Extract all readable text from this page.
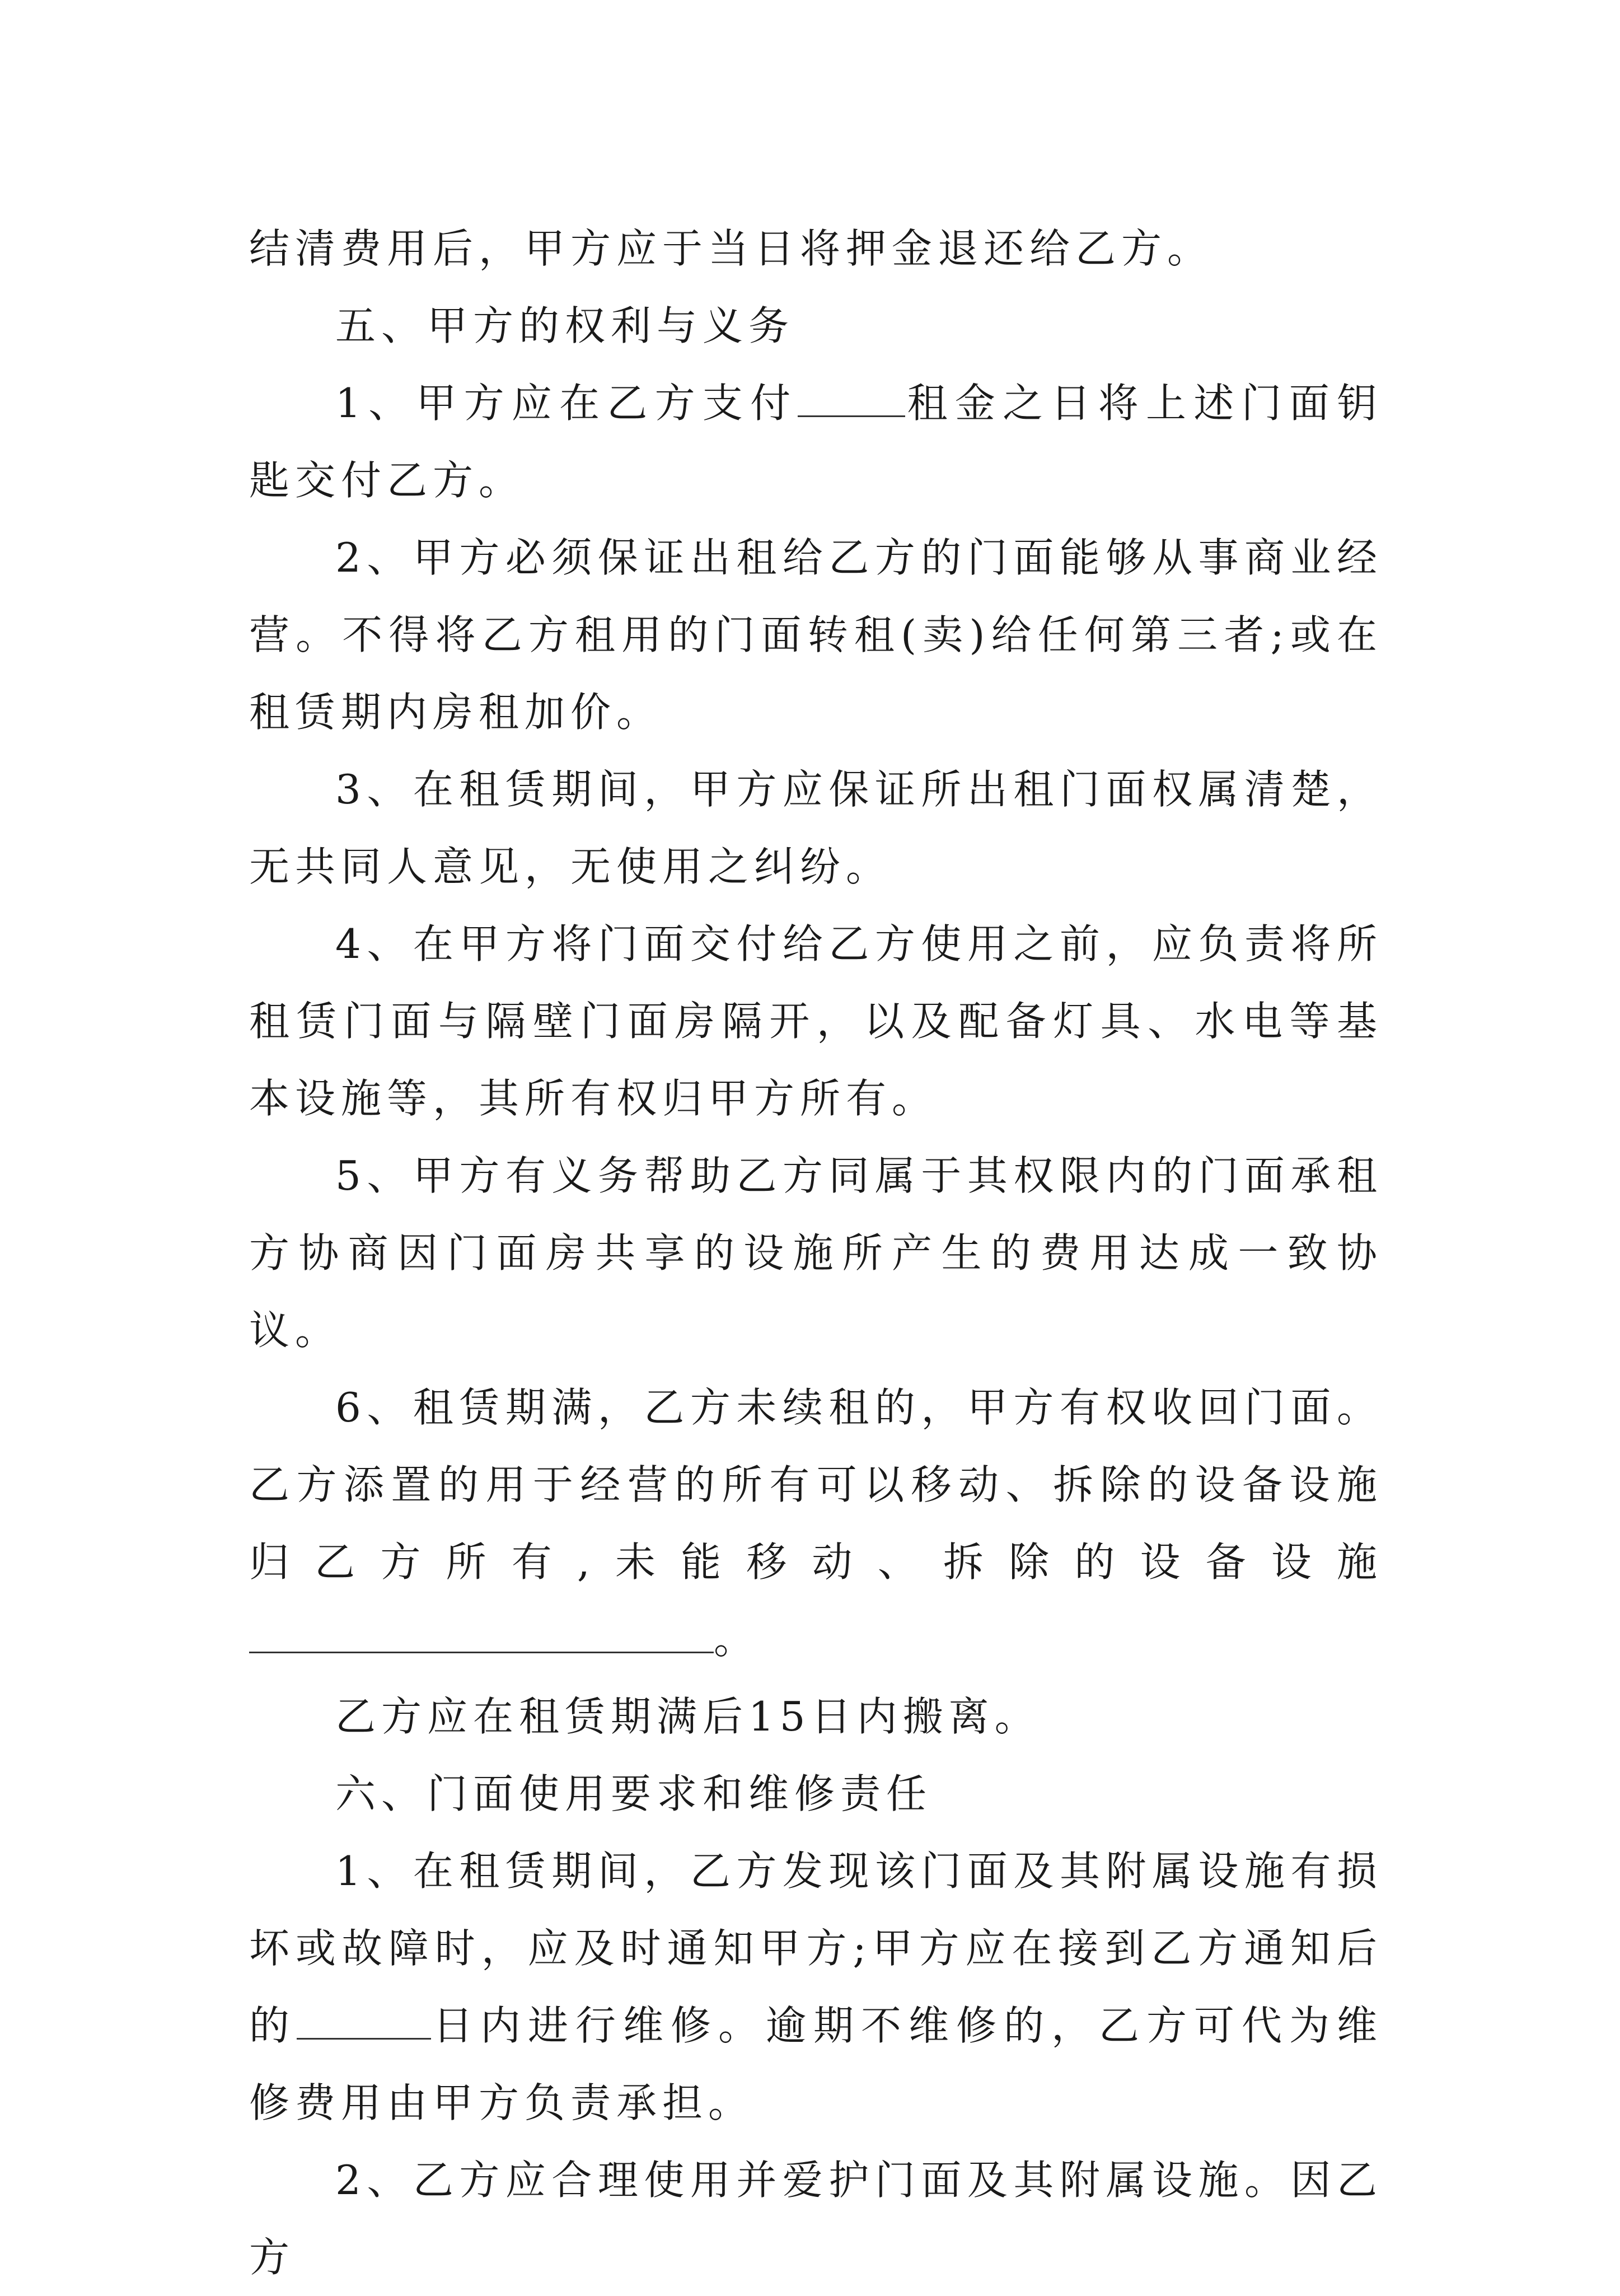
结清费用后，甲方应于当日将押金退还给乙方。

五、甲方的权利与义务

1、甲方应在乙方支付	租金之日将上述门面钥匙交付乙方。

2、甲方必须保证出租给乙方的门面能够从事商业经营。不得将乙方租用的门面转租(卖)给任何第三者;或在租赁期内房租加价。

3、在租赁期间，甲方应保证所出租门面权属清楚，无共同人意见，无使用之纠纷。

4、在甲方将门面交付给乙方使用之前，应负责将所租赁门面与隔壁门面房隔开，以及配备灯具、水电等基本设施等，其所有权归甲方所有。

5、甲方有义务帮助乙方同属于其权限内的门面承租方协商因门面房共享的设施所产生的费用达成一致协议。

6、租赁期满，乙方未续租的，甲方有权收回门面。乙方添置的用于经营的所有可以移动、拆除的设备设施归乙方所有,未能移动、拆除的设备设施。

乙方应在租赁期满后15日内搬离。

六、门面使用要求和维修责任

1、在租赁期间，乙方发现该门面及其附属设施有损坏或故障时，应及时通知甲方;甲方应在接到乙方通知后的	日内进行维修。逾期不维修的，乙方可代为维修费用由甲方负责承担。

2、乙方应合理使用并爱护门面及其附属设施。因乙方
